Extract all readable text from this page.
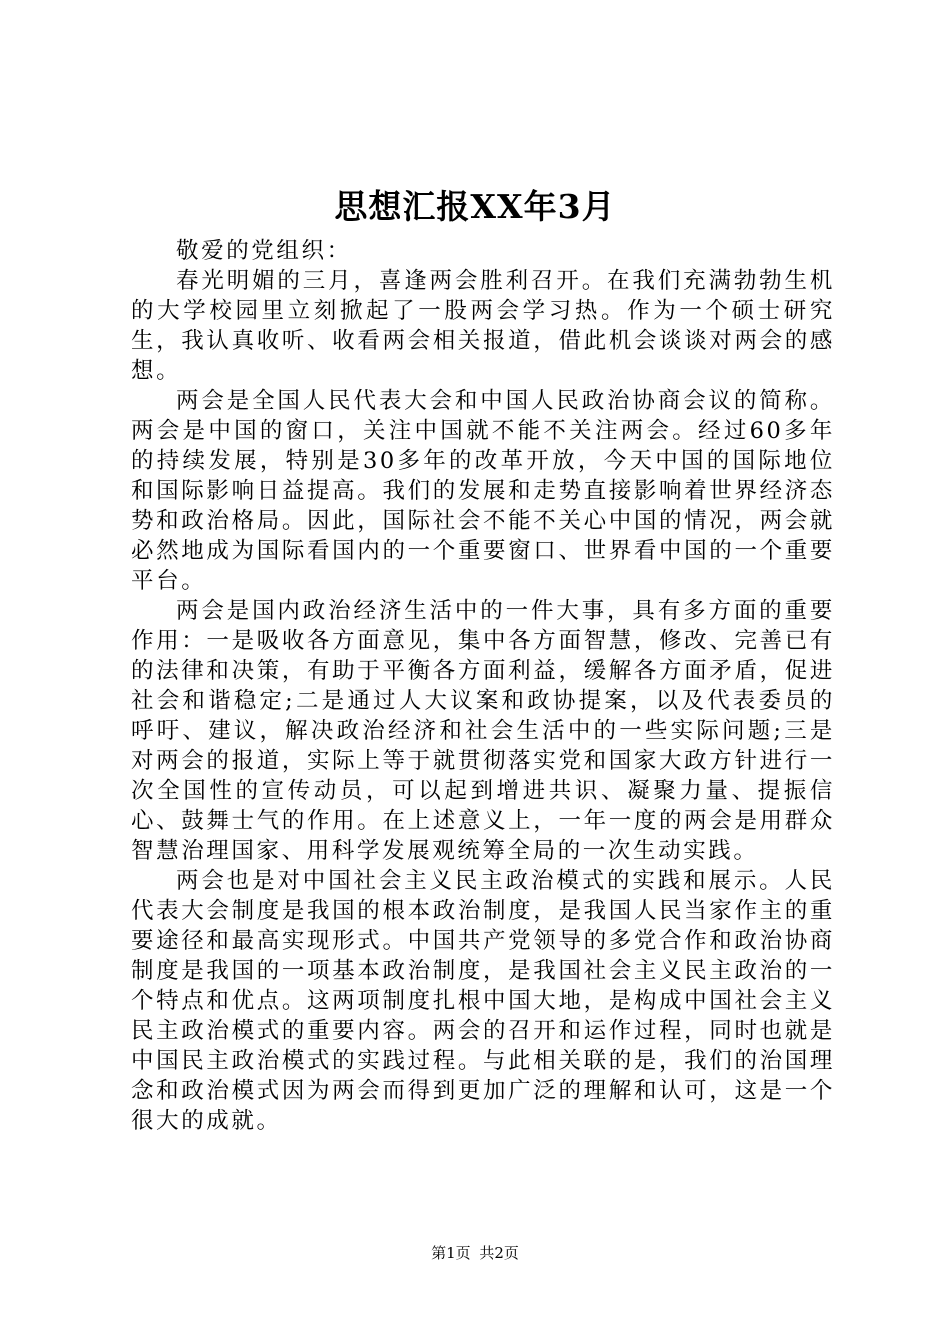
思想汇报XX年3月

敬爱的党组织：

春光明媚的三月，喜逢两会胜利召开。在我们充满勃勃生机的大学校园里立刻掀起了一股两会学习热。作为一个硕士研究生，我认真收听、收看两会相关报道，借此机会谈谈对两会的感想。

两会是全国人民代表大会和中国人民政治协商会议的简称。两会是中国的窗口，关注中国就不能不关注两会。经过60多年的持续发展，特别是30多年的改革开放，今天中国的国际地位和国际影响日益提高。我们的发展和走势直接影响着世界经济态势和政治格局。因此，国际社会不能不关心中国的情况，两会就必然地成为国际看国内的一个重要窗口、世界看中国的一个重要平台。

两会是国内政治经济生活中的一件大事，具有多方面的重要作用：一是吸收各方面意见，集中各方面智慧，修改、完善已有的法律和决策，有助于平衡各方面利益，缓解各方面矛盾，促进社会和谐稳定;二是通过人大议案和政协提案，以及代表委员的呼吁、建议，解决政治经济和社会生活中的一些实际问题;三是对两会的报道，实际上等于就贯彻落实党和国家大政方针进行一次全国性的宣传动员，可以起到增进共识、凝聚力量、提振信心、鼓舞士气的作用。在上述意义上，一年一度的两会是用群众智慧治理国家、用科学发展观统筹全局的一次生动实践。

两会也是对中国社会主义民主政治模式的实践和展示。人民代表大会制度是我国的根本政治制度，是我国人民当家作主的重要途径和最高实现形式。中国共产党领导的多党合作和政治协商制度是我国的一项基本政治制度，是我国社会主义民主政治的一个特点和优点。这两项制度扎根中国大地，是构成中国社会主义民主政治模式的重要内容。两会的召开和运作过程，同时也就是中国民主政治模式的实践过程。与此相关联的是，我们的治国理念和政治模式因为两会而得到更加广泛的理解和认可，这是一个很大的成就。

第1页 共2页
